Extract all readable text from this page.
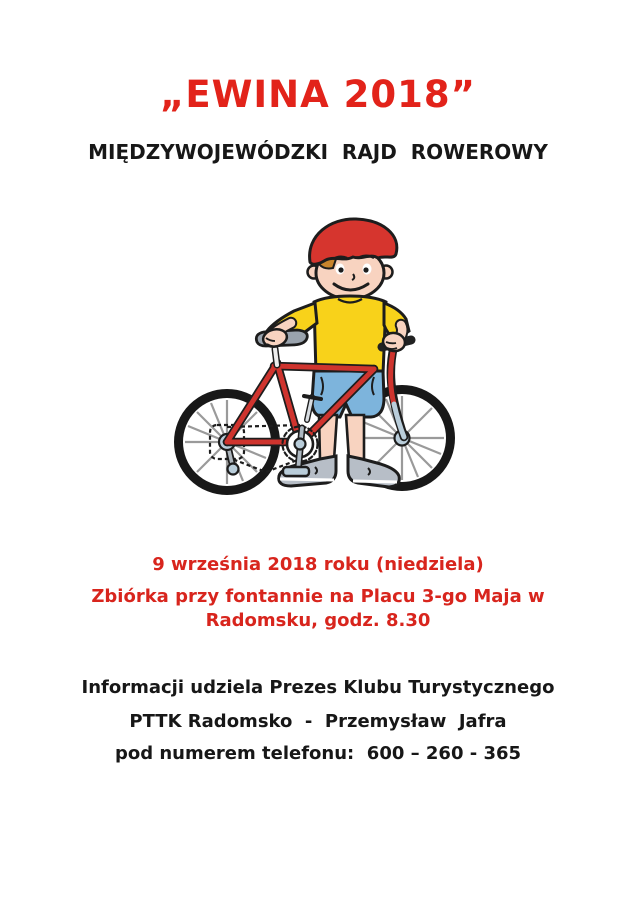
„EWINA 2018”
MIĘDZYWOJEWÓDZKI  RAJD  ROWEROWY
9 września 2018 roku (niedziela)
Zbiórka przy fontannie na Placu 3-go Maja w Radomsku, godz. 8.30
Informacji udziela Prezes Klubu Turystycznego
PTTK Radomsko  -  Przemysław  Jafra
pod numerem telefonu:  600 – 260 - 365
